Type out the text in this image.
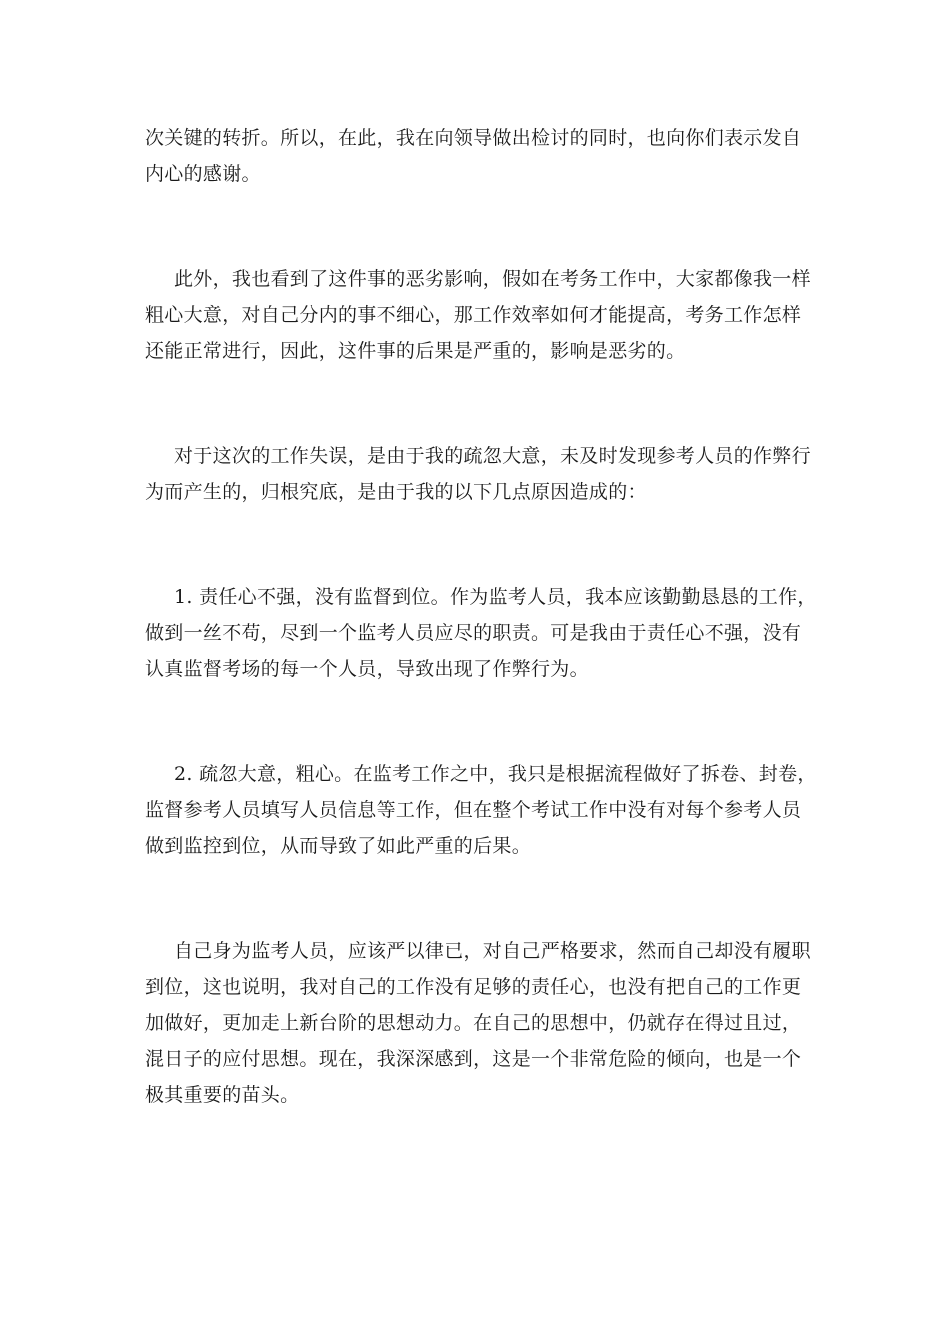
次关键的转折。所以，在此，我在向领导做出检讨的同时，也向你们表示发自
内心的感谢。
此外，我也看到了这件事的恶劣影响，假如在考务工作中，大家都像我一样
粗心大意，对自己分内的事不细心，那工作效率如何才能提高，考务工作怎样
还能正常进行，因此，这件事的后果是严重的，影响是恶劣的。
对于这次的工作失误，是由于我的疏忽大意，未及时发现参考人员的作弊行
为而产生的，归根究底，是由于我的以下几点原因造成的：
1. 责任心不强，没有监督到位。作为监考人员，我本应该勤勤恳恳的工作，
做到一丝不苟，尽到一个监考人员应尽的职责。可是我由于责任心不强，没有
认真监督考场的每一个人员，导致出现了作弊行为。
2. 疏忽大意，粗心。在监考工作之中，我只是根据流程做好了拆卷、封卷，
监督参考人员填写人员信息等工作，但在整个考试工作中没有对每个参考人员
做到监控到位，从而导致了如此严重的后果。
自己身为监考人员，应该严以律已，对自己严格要求，然而自己却没有履职
到位，这也说明，我对自己的工作没有足够的责任心，也没有把自己的工作更
加做好，更加走上新台阶的思想动力。在自己的思想中，仍就存在得过且过，
混日子的应付思想。现在，我深深感到，这是一个非常危险的倾向，也是一个
极其重要的苗头。
